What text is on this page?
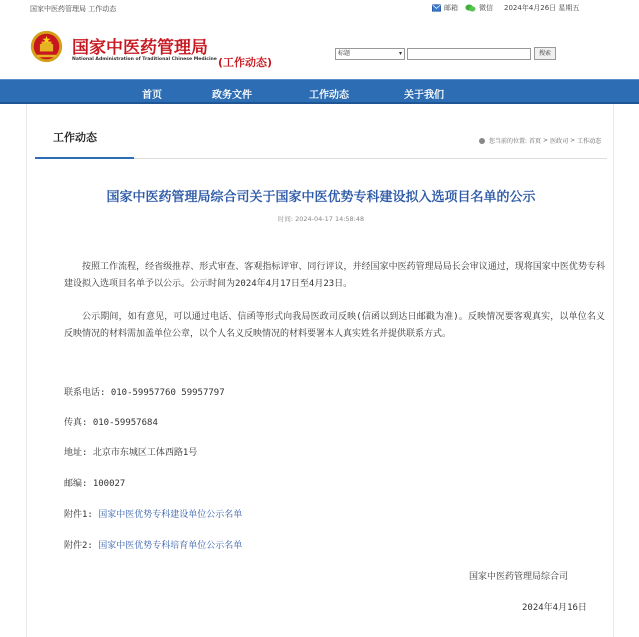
国家中医药管理局 工作动态	邮箱	微信 2024年4月26日 星期五
国家中医药管理局
National Administration of Traditional Chinese Medicine (工作动态)
标题	▾	搜索
首页	政务文件	工作动态	关于我们
工作动态	您当前的位置: 首页 > 医政司 > 工作动态
国家中医药管理局综合司关于国家中医优势专科建设拟入选项目名单的公示
时间: 2024-04-17 14:58:48

按照工作流程，经省级推荐、形式审查、客观指标评审、同行评议，并经国家中医药管理局局长会审议通过，现将国家中医优势专科建设拟入选项目名单予以公示。公示时间为2024年4月17日至4月23日。

公示期间，如有意见，可以通过电话、信函等形式向我局医政司反映(信函以到达日邮戳为准)。反映情况要客观真实，以单位名义反映情况的材料需加盖单位公章，以个人名义反映情况的材料要署本人真实姓名并提供联系方式。

联系电话: 010-59957760 59957797
传真: 010-59957684
地址: 北京市东城区工体西路1号
邮编: 100027
附件1: 国家中医优势专科建设单位公示名单
附件2: 国家中医优势专科培育单位公示名单
国家中医药管理局综合司
2024年4月16日
